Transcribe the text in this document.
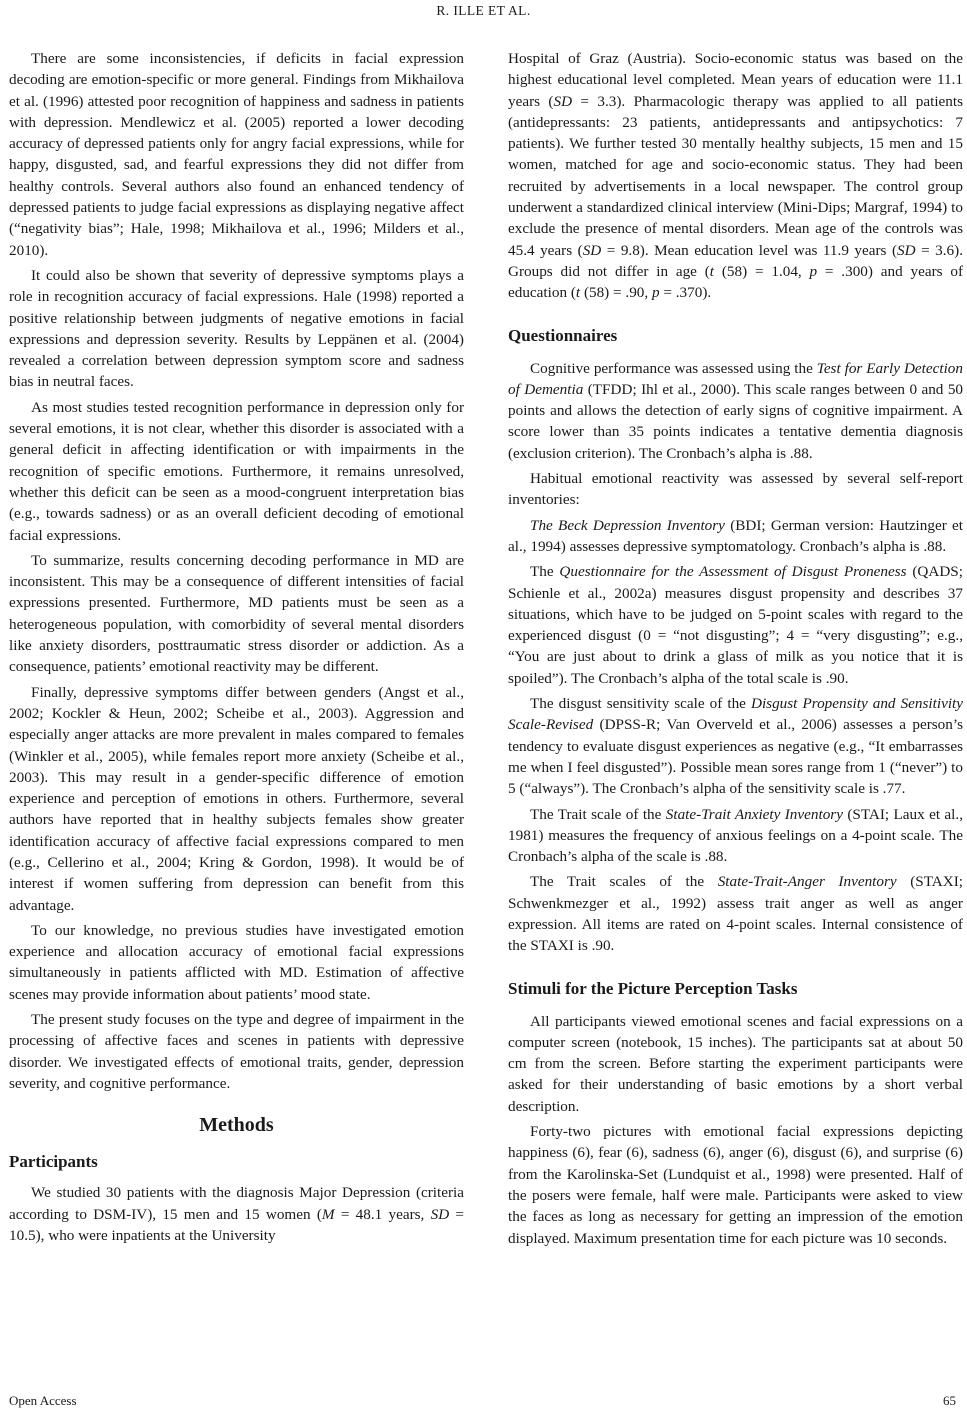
R. ILLE ET AL.

There are some inconsistencies, if deficits in facial expression decoding are emotion-specific or more general. Findings from Mikhailova et al. (1996) attested poor recognition of happiness and sadness in patients with depression. Mendlewicz et al. (2005) reported a lower decoding accuracy of depressed patients only for angry facial expressions, while for happy, disgusted, sad, and fearful expressions they did not differ from healthy controls. Several authors also found an enhanced tendency of depressed patients to judge facial expressions as displaying negative affect (“negativity bias”; Hale, 1998; Mikhailova et al., 1996; Milders et al., 2010).

It could also be shown that severity of depressive symptoms plays a role in recognition accuracy of facial expressions. Hale (1998) reported a positive relationship between judgments of negative emotions in facial expressions and depression severity. Results by Leppänen et al. (2004) revealed a correlation between depression symptom score and sadness bias in neutral faces.

As most studies tested recognition performance in depression only for several emotions, it is not clear, whether this disorder is associated with a general deficit in affecting identification or with impairments in the recognition of specific emotions. Furthermore, it remains unresolved, whether this deficit can be seen as a mood-congruent interpretation bias (e.g., towards sadness) or as an overall deficient decoding of emotional facial expressions.

To summarize, results concerning decoding performance in MD are inconsistent. This may be a consequence of different intensities of facial expressions presented. Furthermore, MD patients must be seen as a heterogeneous population, with comorbidity of several mental disorders like anxiety disorders, posttraumatic stress disorder or addiction. As a consequence, patients’ emotional reactivity may be different.

Finally, depressive symptoms differ between genders (Angst et al., 2002; Kockler & Heun, 2002; Scheibe et al., 2003). Aggression and especially anger attacks are more prevalent in males compared to females (Winkler et al., 2005), while females report more anxiety (Scheibe et al., 2003). This may result in a gender-specific difference of emotion experience and perception of emotions in others. Furthermore, several authors have reported that in healthy subjects females show greater identification accuracy of affective facial expressions compared to men (e.g., Cellerino et al., 2004; Kring & Gordon, 1998). It would be of interest if women suffering from depression can benefit from this advantage.

To our knowledge, no previous studies have investigated emotion experience and allocation accuracy of emotional facial expressions simultaneously in patients afflicted with MD. Estimation of affective scenes may provide information about patients’ mood state.

The present study focuses on the type and degree of impairment in the processing of affective faces and scenes in patients with depressive disorder. We investigated effects of emotional traits, gender, depression severity, and cognitive performance.

Methods
Participants

We studied 30 patients with the diagnosis Major Depression (criteria according to DSM-IV), 15 men and 15 women (M = 48.1 years, SD = 10.5), who were inpatients at the University

Hospital of Graz (Austria). Socio-economic status was based on the highest educational level completed. Mean years of education were 11.1 years (SD = 3.3). Pharmacologic therapy was applied to all patients (antidepressants: 23 patients, antidepressants and antipsychotics: 7 patients). We further tested 30 mentally healthy subjects, 15 men and 15 women, matched for age and socio-economic status. They had been recruited by advertisements in a local newspaper. The control group underwent a standardized clinical interview (Mini-Dips; Margraf, 1994) to exclude the presence of mental disorders. Mean age of the controls was 45.4 years (SD = 9.8). Mean education level was 11.9 years (SD = 3.6). Groups did not differ in age (t (58) = 1.04, p = .300) and years of education (t (58) = .90, p = .370).

Questionnaires

Cognitive performance was assessed using the Test for Early Detection of Dementia (TFDD; Ihl et al., 2000). This scale ranges between 0 and 50 points and allows the detection of early signs of cognitive impairment. A score lower than 35 points indicates a tentative dementia diagnosis (exclusion criterion). The Cronbach’s alpha is .88.

Habitual emotional reactivity was assessed by several self-report inventories:

The Beck Depression Inventory (BDI; German version: Hautzinger et al., 1994) assesses depressive symptomatology. Cronbach’s alpha is .88.

The Questionnaire for the Assessment of Disgust Proneness (QADS; Schienle et al., 2002a) measures disgust propensity and describes 37 situations, which have to be judged on 5-point scales with regard to the experienced disgust (0 = “not disgusting”; 4 = “very disgusting”; e.g., “You are just about to drink a glass of milk as you notice that it is spoiled”). The Cronbach’s alpha of the total scale is .90.

The disgust sensitivity scale of the Disgust Propensity and Sensitivity Scale-Revised (DPSS-R; Van Overveld et al., 2006) assesses a person’s tendency to evaluate disgust experiences as negative (e.g., “It embarrasses me when I feel disgusted”). Possible mean sores range from 1 (“never”) to 5 (“always”). The Cronbach’s alpha of the sensitivity scale is .77.

The Trait scale of the State-Trait Anxiety Inventory (STAI; Laux et al., 1981) measures the frequency of anxious feelings on a 4-point scale. The Cronbach’s alpha of the scale is .88.

The Trait scales of the State-Trait-Anger Inventory (STAXI; Schwenkmezger et al., 1992) assess trait anger as well as anger expression. All items are rated on 4-point scales. Internal consistence of the STAXI is .90.

Stimuli for the Picture Perception Tasks

All participants viewed emotional scenes and facial expressions on a computer screen (notebook, 15 inches). The participants sat at about 50 cm from the screen. Before starting the experiment participants were asked for their understanding of basic emotions by a short verbal description.

Forty-two pictures with emotional facial expressions depicting happiness (6), fear (6), sadness (6), anger (6), disgust (6), and surprise (6) from the Karolinska-Set (Lundquist et al., 1998) were presented. Half of the posers were female, half were male. Participants were asked to view the faces as long as necessary for getting an impression of the emotion displayed. Maximum presentation time for each picture was 10 seconds.

Open Access	65
